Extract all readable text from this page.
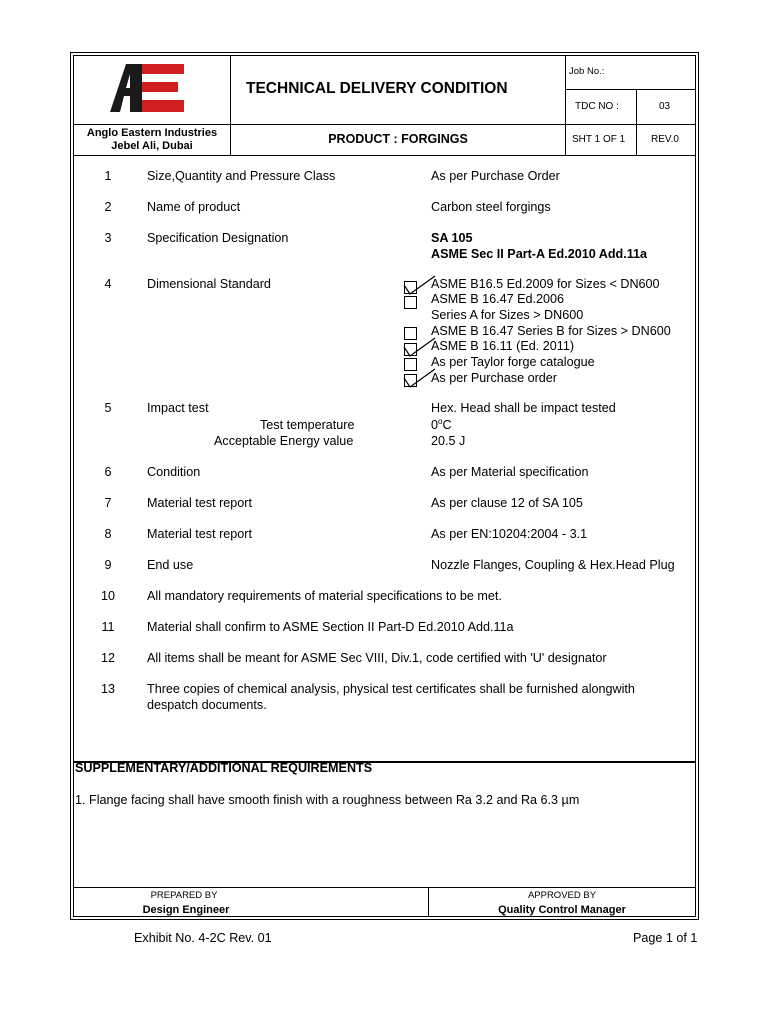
TECHNICAL DELIVERY CONDITION
Job No.:
TDC NO :	03
Anglo Eastern Industries
Jebel Ali, Dubai	PRODUCT : FORGINGS	SHT 1 OF 1	REV.0
1	Size,Quantity and Pressure Class	As per Purchase Order
2	Name of product	Carbon steel forgings
3	Specification Designation	SA 105
ASME Sec II Part-A Ed.2010 Add.11a
4	Dimensional Standard	ASME B16.5 Ed.2009 for Sizes < DN600
ASME B 16.47 Ed.2006
Series A for Sizes > DN600
ASME B 16.47 Series B for Sizes > DN600
ASME B 16.11 (Ed. 2011)
As per Taylor forge catalogue
As per Purchase order
5	Impact test	Hex. Head shall be impact tested
Test temperature	0$^o$C
Acceptable Energy value	20.5 J
6	Condition	As per Material specification
7	Material test report	As per clause 12 of SA 105
8	Material test report	As per EN:10204:2004 - 3.1
9	End use	Nozzle Flanges, Coupling & Hex.Head Plug
10	All mandatory requirements of material specifications to be met.
11	Material shall confirm to ASME Section II Part-D Ed.2010 Add.11a
12	All items shall be meant for ASME Sec VIII, Div.1, code certified with 'U' designator
13	Three copies of chemical analysis, physical test certificates shall be furnished alongwith
despatch documents.
SUPPLEMENTARY/ADDITIONAL REQUIREMENTS
1. Flange facing shall have smooth finish with a roughness between Ra 3.2 and Ra 6.3 µm
PREPARED BY
Design Engineer
APPROVED BY
Quality Control Manager
Exhibit No. 4-2C Rev. 01	Page 1 of 1
